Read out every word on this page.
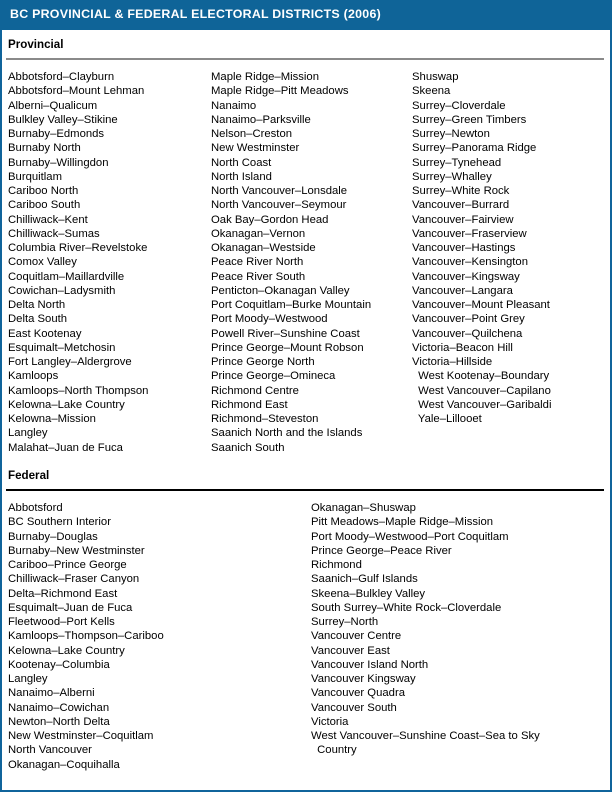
BC PROVINCIAL & FEDERAL ELECTORAL DISTRICTS (2006)
Provincial
Abbotsford–Clayburn
Abbotsford–Mount Lehman
Alberni–Qualicum
Bulkley Valley–Stikine
Burnaby–Edmonds
Burnaby North
Burnaby–Willingdon
Burquitlam
Cariboo North
Cariboo South
Chilliwack–Kent
Chilliwack–Sumas
Columbia River–Revelstoke
Comox Valley
Coquitlam–Maillardville
Cowichan–Ladysmith
Delta North
Delta South
East Kootenay
Esquimalt–Metchosin
Fort Langley–Aldergrove
Kamloops
Kamloops–North Thompson
Kelowna–Lake Country
Kelowna–Mission
Langley
Malahat–Juan de Fuca
Maple Ridge–Mission
Maple Ridge–Pitt Meadows
Nanaimo
Nanaimo–Parksville
Nelson–Creston
New Westminster
North Coast
North Island
North Vancouver–Lonsdale
North Vancouver–Seymour
Oak Bay–Gordon Head
Okanagan–Vernon
Okanagan–Westside
Peace River North
Peace River South
Penticton–Okanagan Valley
Port Coquitlam–Burke Mountain
Port Moody–Westwood
Powell River–Sunshine Coast
Prince George–Mount Robson
Prince George North
Prince George–Omineca
Richmond Centre
Richmond East
Richmond–Steveston
Saanich North and the Islands
Saanich South
Shuswap
Skeena
Surrey–Cloverdale
Surrey–Green Timbers
Surrey–Newton
Surrey–Panorama Ridge
Surrey–Tynehead
Surrey–Whalley
Surrey–White Rock
Vancouver–Burrard
Vancouver–Fairview
Vancouver–Fraserview
Vancouver–Hastings
Vancouver–Kensington
Vancouver–Kingsway
Vancouver–Langara
Vancouver–Mount Pleasant
Vancouver–Point Grey
Vancouver–Quilchena
Victoria–Beacon Hill
Victoria–Hillside
West Kootenay–Boundary
West Vancouver–Capilano
West Vancouver–Garibaldi
Yale–Lillooet
Federal
Abbotsford
BC Southern Interior
Burnaby–Douglas
Burnaby–New Westminster
Cariboo–Prince George
Chilliwack–Fraser Canyon
Delta–Richmond East
Esquimalt–Juan de Fuca
Fleetwood–Port Kells
Kamloops–Thompson–Cariboo
Kelowna–Lake Country
Kootenay–Columbia
Langley
Nanaimo–Alberni
Nanaimo–Cowichan
Newton–North Delta
New Westminster–Coquitlam
North Vancouver
Okanagan–Coquihalla
Okanagan–Shuswap
Pitt Meadows–Maple Ridge–Mission
Port Moody–Westwood–Port Coquitlam
Prince George–Peace River
Richmond
Saanich–Gulf Islands
Skeena–Bulkley Valley
South Surrey–White Rock–Cloverdale
Surrey–North
Vancouver Centre
Vancouver East
Vancouver Island North
Vancouver Kingsway
Vancouver Quadra
Vancouver South
Victoria
West Vancouver–Sunshine Coast–Sea to Sky
Country
